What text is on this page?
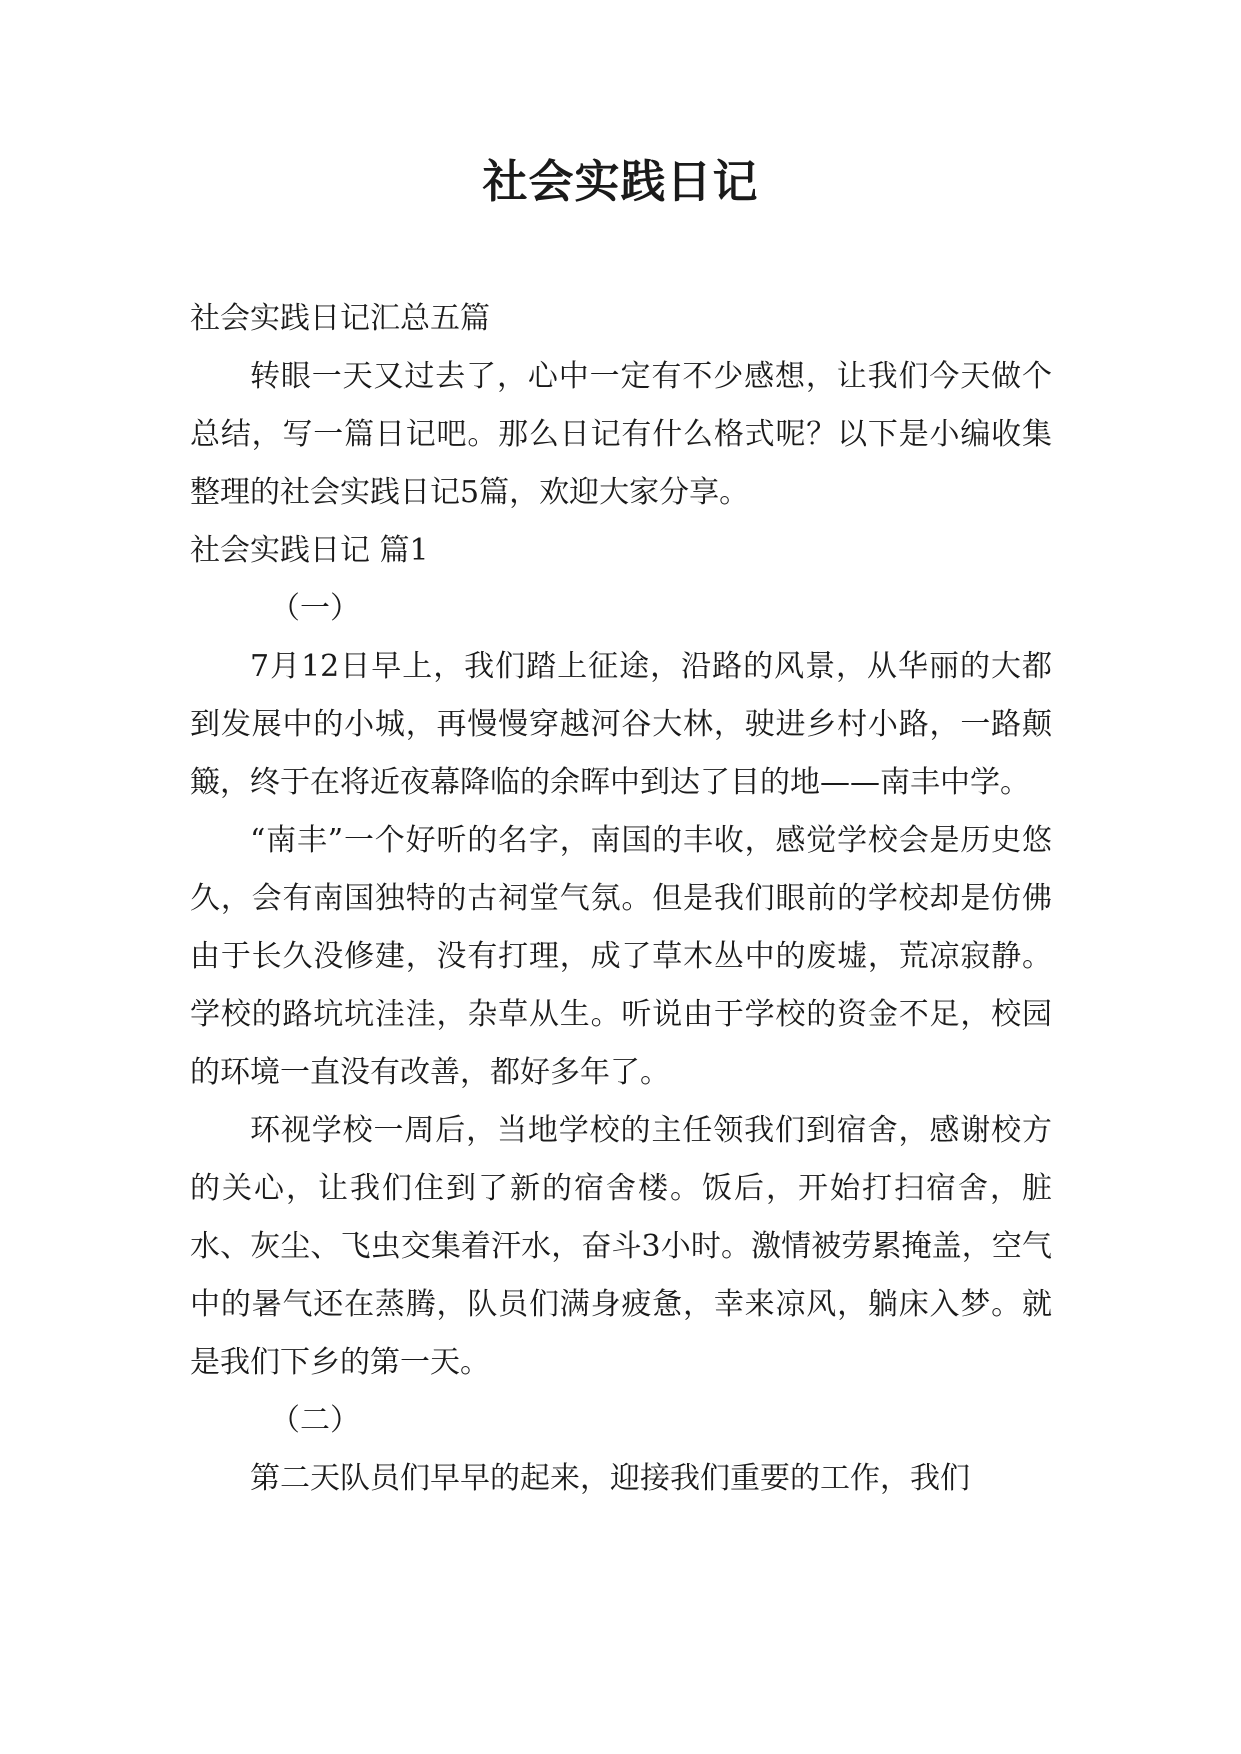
社会实践日记

社会实践日记汇总五篇

转眼一天又过去了，心中一定有不少感想，让我们今天做个总结，写一篇日记吧。那么日记有什么格式呢？以下是小编收集整理的社会实践日记5篇，欢迎大家分享。

社会实践日记 篇1

（一）

7月12日早上，我们踏上征途，沿路的风景，从华丽的大都到发展中的小城，再慢慢穿越河谷大林，驶进乡村小路，一路颠簸，终于在将近夜幕降临的余晖中到达了目的地——南丰中学。

“南丰”一个好听的名字，南国的丰收，感觉学校会是历史悠久，会有南国独特的古祠堂气氛。但是我们眼前的学校却是仿佛由于长久没修建，没有打理，成了草木丛中的废墟，荒凉寂静。学校的路坑坑洼洼，杂草从生。听说由于学校的资金不足，校园的环境一直没有改善，都好多年了。

环视学校一周后，当地学校的主任领我们到宿舍，感谢校方的关心，让我们住到了新的宿舍楼。饭后，开始打扫宿舍，脏水、灰尘、飞虫交集着汗水，奋斗3小时。激情被劳累掩盖，空气中的暑气还在蒸腾，队员们满身疲惫，幸来凉风，躺床入梦。就是我们下乡的第一天。

（二）

第二天队员们早早的起来，迎接我们重要的工作，我们
